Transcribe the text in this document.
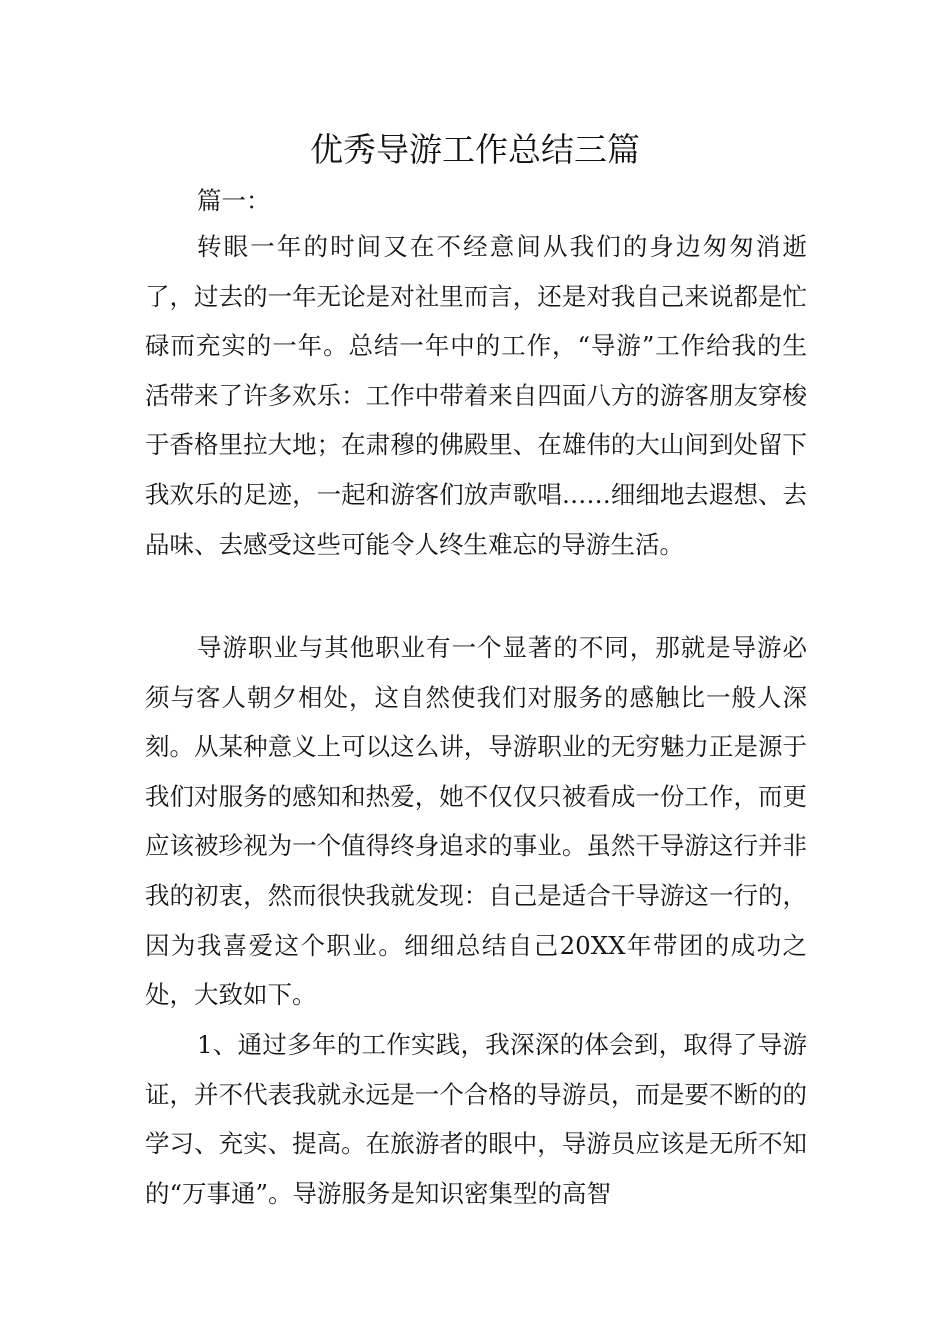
优秀导游工作总结三篇

篇一：

转眼一年的时间又在不经意间从我们的身边匆匆消逝了，过去的一年无论是对社里而言，还是对我自己来说都是忙碌而充实的一年。总结一年中的工作，“导游”工作给我的生活带来了许多欢乐：工作中带着来自四面八方的游客朋友穿梭于香格里拉大地；在肃穆的佛殿里、在雄伟的大山间到处留下我欢乐的足迹，一起和游客们放声歌唱……细细地去遐想、去品味、去感受这些可能令人终生难忘的导游生活。

导游职业与其他职业有一个显著的不同，那就是导游必须与客人朝夕相处，这自然使我们对服务的感触比一般人深刻。从某种意义上可以这么讲，导游职业的无穷魅力正是源于我们对服务的感知和热爱，她不仅仅只被看成一份工作，而更应该被珍视为一个值得终身追求的事业。虽然干导游这行并非我的初衷，然而很快我就发现：自己是适合干导游这一行的，因为我喜爱这个职业。细细总结自己20XX年带团的成功之处，大致如下。

1、通过多年的工作实践，我深深的体会到，取得了导游证，并不代表我就永远是一个合格的导游员，而是要不断的的学习、充实、提高。在旅游者的眼中，导游员应该是无所不知的“万事通”。导游服务是知识密集型的高智
